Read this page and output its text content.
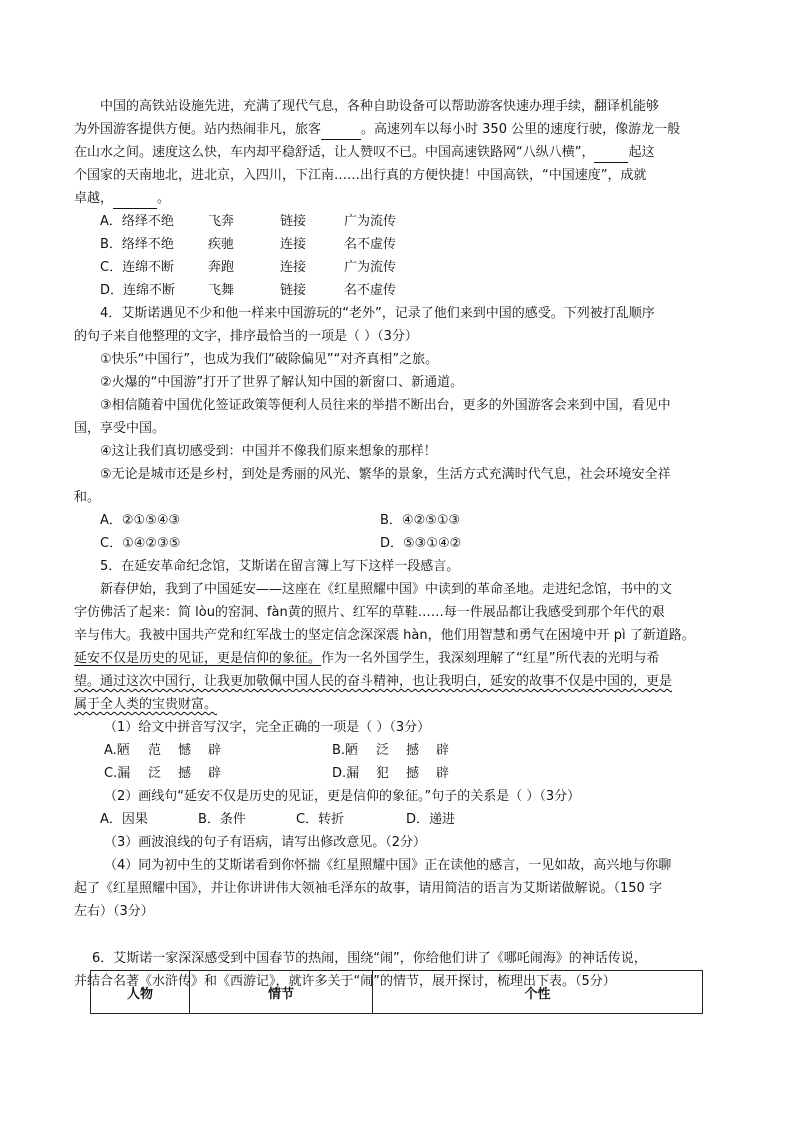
中国的高铁站设施先进，充满了现代气息，各种自助设备可以帮助游客快速办理手续，翻译机能够
为外国游客提供方便。站内热闹非凡，旅客	。高速列车以每小时 350 公里的速度行驶，像游龙一般
在山水之间。速度这么快，车内却平稳舒适，让人赞叹不已。中国高速铁路网“八纵八横”，	起这
个国家的天南地北，进北京，入四川，下江南……出行真的方便快捷！中国高铁，“中国速度”，成就
卓越，	。
A．络绎不绝	飞奔	链接	广为流传
B．络绎不绝	疾驰	连接	名不虚传
C．连绵不断	奔跑	连接	广为流传
D．连绵不断	飞舞	链接	名不虚传
4．艾斯诺遇见不少和他一样来中国游玩的“老外”，记录了他们来到中国的感受。下列被打乱顺序
的句子来自他整理的文字，排序最恰当的一项是（ ）（3分）
①快乐“中国行”，也成为我们“破除偏见”“对齐真相”之旅。
②火爆的“中国游”打开了世界了解认知中国的新窗口、新通道。
③相信随着中国优化签证政策等便利人员往来的举措不断出台，更多的外国游客会来到中国，看见中
国，享受中国。
④这让我们真切感受到：中国并不像我们原来想象的那样！
⑤无论是城市还是乡村，到处是秀丽的风光、繁华的景象，生活方式充满时代气息，社会环境安全祥
和。
A．②①⑤④③	B．④②⑤①③
C．①④②③⑤	D．⑤③①④②
5．在延安革命纪念馆，艾斯诺在留言簿上写下这样一段感言。
新春伊始，我到了中国延安——这座在《红星照耀中国》中读到的革命圣地。走进纪念馆，书中的文
字仿佛活了起来：简 lòu的窑洞、fàn黄的照片、红军的草鞋……每一件展品都让我感受到那个年代的艰
辛与伟大。我被中国共产党和红军战士的坚定信念深深震 hàn，他们用智慧和勇气在困境中开 pì 了新道路。
延安不仅是历史的见证，更是信仰的象征。作为一名外国学生，我深刻理解了“红星”所代表的光明与希
望。通过这次中国行，让我更加敬佩中国人民的奋斗精神，也让我明白，延安的故事不仅是中国的，更是
属于全人类的宝贵财富。
（1）给文中拼音写汉字，完全正确的一项是（ ）（3分）
A.陋 范 憾 辟	B.陋 泛 撼 辟
C.漏 泛 撼 辟	D.漏 犯 撼 辟
（2）画线句“延安不仅是历史的见证，更是信仰的象征。”句子的关系是（ ）（3分）
A．因果	B．条件	C．转折	D．递进
（3）画波浪线的句子有语病，请写出修改意见。（2分）
（4）同为初中生的艾斯诺看到你怀揣《红星照耀中国》正在读他的感言，一见如故，高兴地与你聊
起了《红星照耀中国》，并让你讲讲伟大领袖毛泽东的故事，请用简洁的语言为艾斯诺做解说。（150 字
左右）（3分）
6．艾斯诺一家深深感受到中国春节的热闹，围绕“闹”，你给他们讲了《哪吒闹海》的神话传说，
并结合名著《水浒传》和《西游记》，就许多关于“闹”的情节，展开探讨，梳理出下表。（5分）
人物	情节	个性
